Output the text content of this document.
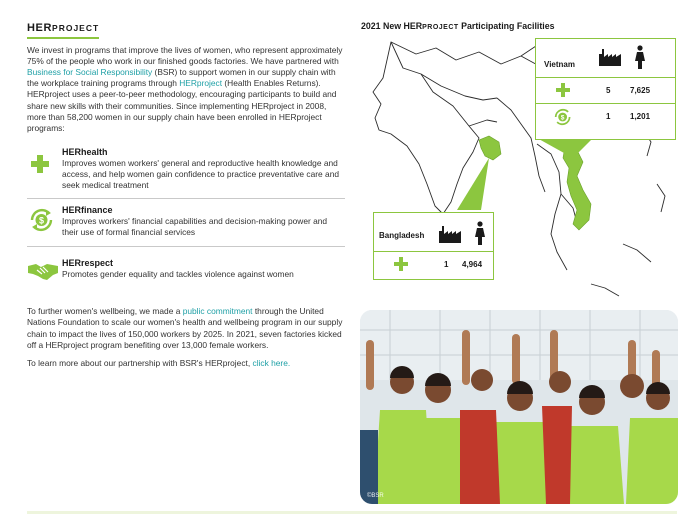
HERPROJECT

We invest in programs that improve the lives of women, who represent approximately 75% of the people who work in our finished goods factories. We have partnered with Business for Social Responsibility (BSR) to support women in our supply chain with the workplace training programs through HERproject (Health Enables Returns). HERproject uses a peer-to-peer methodology, encouraging participants to build and share new skills with their communities. Since implementing HERproject in 2008, more than 58,200 women in our supply chain have been enrolled in HERproject programs:

HERhealth
Improves women workers' general and reproductive health knowledge and access, and help women gain confidence to practice preventative care and seek medical treatment
$
HERfinance
Improves workers' financial capabilities and decision-making power and their use of formal financial services
HERrespect
Promotes gender equality and tackles violence against women

To further women's wellbeing, we made a public commitment through the United Nations Foundation to scale our women's health and wellbeing program in our supply chain to impact the lives of 150,000 workers by 2025. In 2021, seven factories kicked off a HERproject program benefiting over 13,000 female workers.

To learn more about our partnership with BSR's HERproject, click here.

2021 New HERPROJECT Participating Facilities
Vietnam
5 7,625
$	1 1,201
Bangladesh
1 4,964
©BSR
